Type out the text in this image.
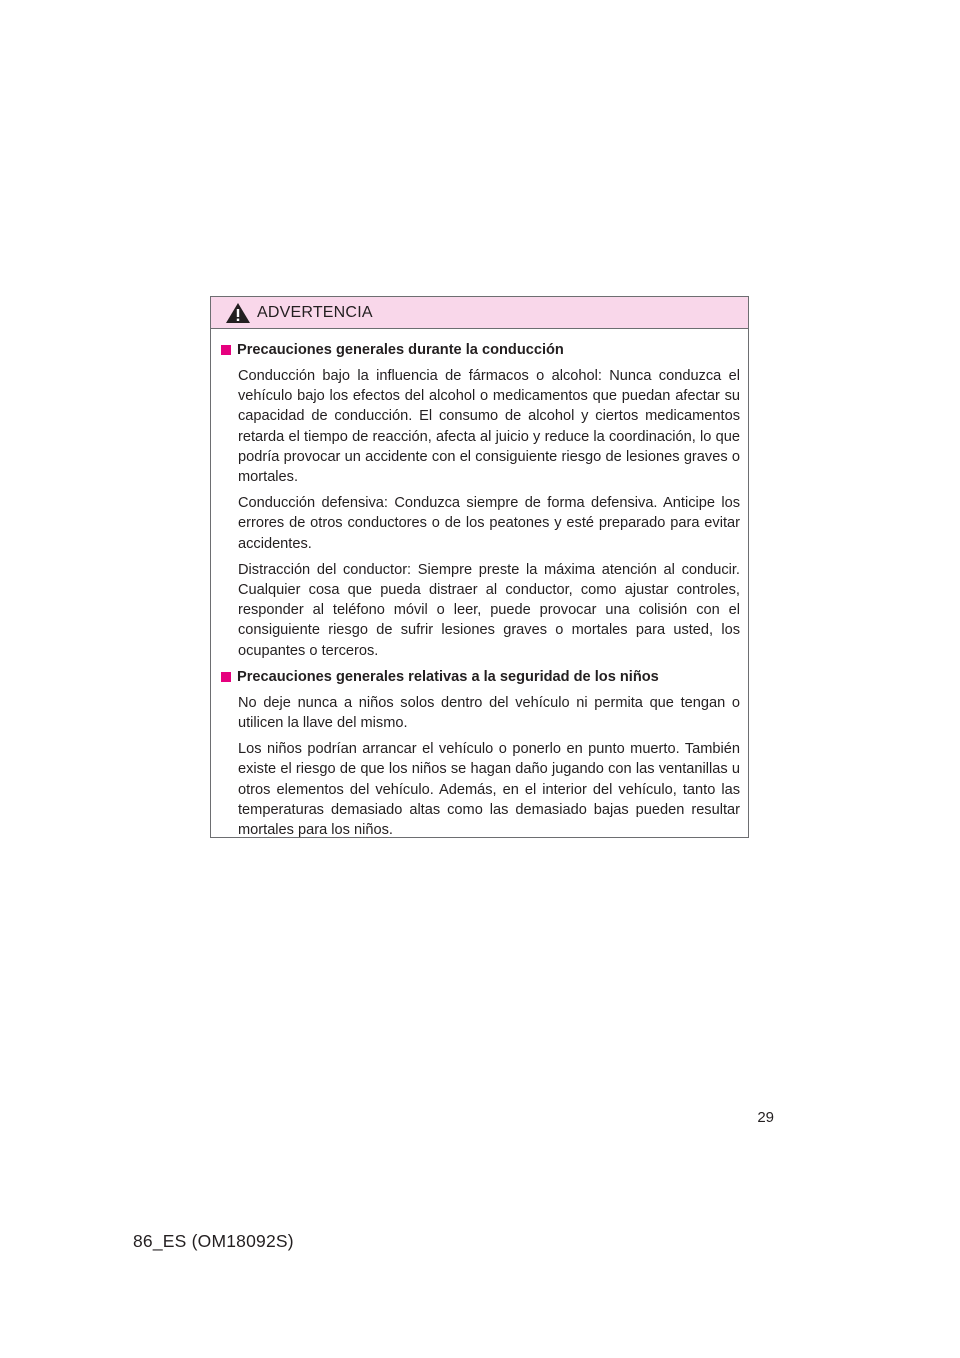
ADVERTENCIA
Precauciones generales durante la conducción

Conducción bajo la influencia de fármacos o alcohol: Nunca conduzca el vehículo bajo los efectos del alcohol o medicamentos que puedan afectar su capacidad de conducción. El consumo de alcohol y ciertos medicamentos retarda el tiempo de reacción, afecta al juicio y reduce la coordinación, lo que podría provocar un accidente con el consiguiente riesgo de lesiones graves o mortales.

Conducción defensiva: Conduzca siempre de forma defensiva. Anticipe los errores de otros conductores o de los peatones y esté preparado para evitar accidentes.

Distracción del conductor: Siempre preste la máxima atención al conducir. Cualquier cosa que pueda distraer al conductor, como ajustar controles, responder al teléfono móvil o leer, puede provocar una colisión con el consiguiente riesgo de sufrir lesiones graves o mortales para usted, los ocupantes o terceros.

Precauciones generales relativas a la seguridad de los niños

No deje nunca a niños solos dentro del vehículo ni permita que tengan o utilicen la llave del mismo.

Los niños podrían arrancar el vehículo o ponerlo en punto muerto. También existe el riesgo de que los niños se hagan daño jugando con las ventanillas u otros elementos del vehículo. Además, en el interior del vehículo, tanto las temperaturas demasiado altas como las demasiado bajas pueden resultar mortales para los niños.

29
86_ES (OM18092S)
